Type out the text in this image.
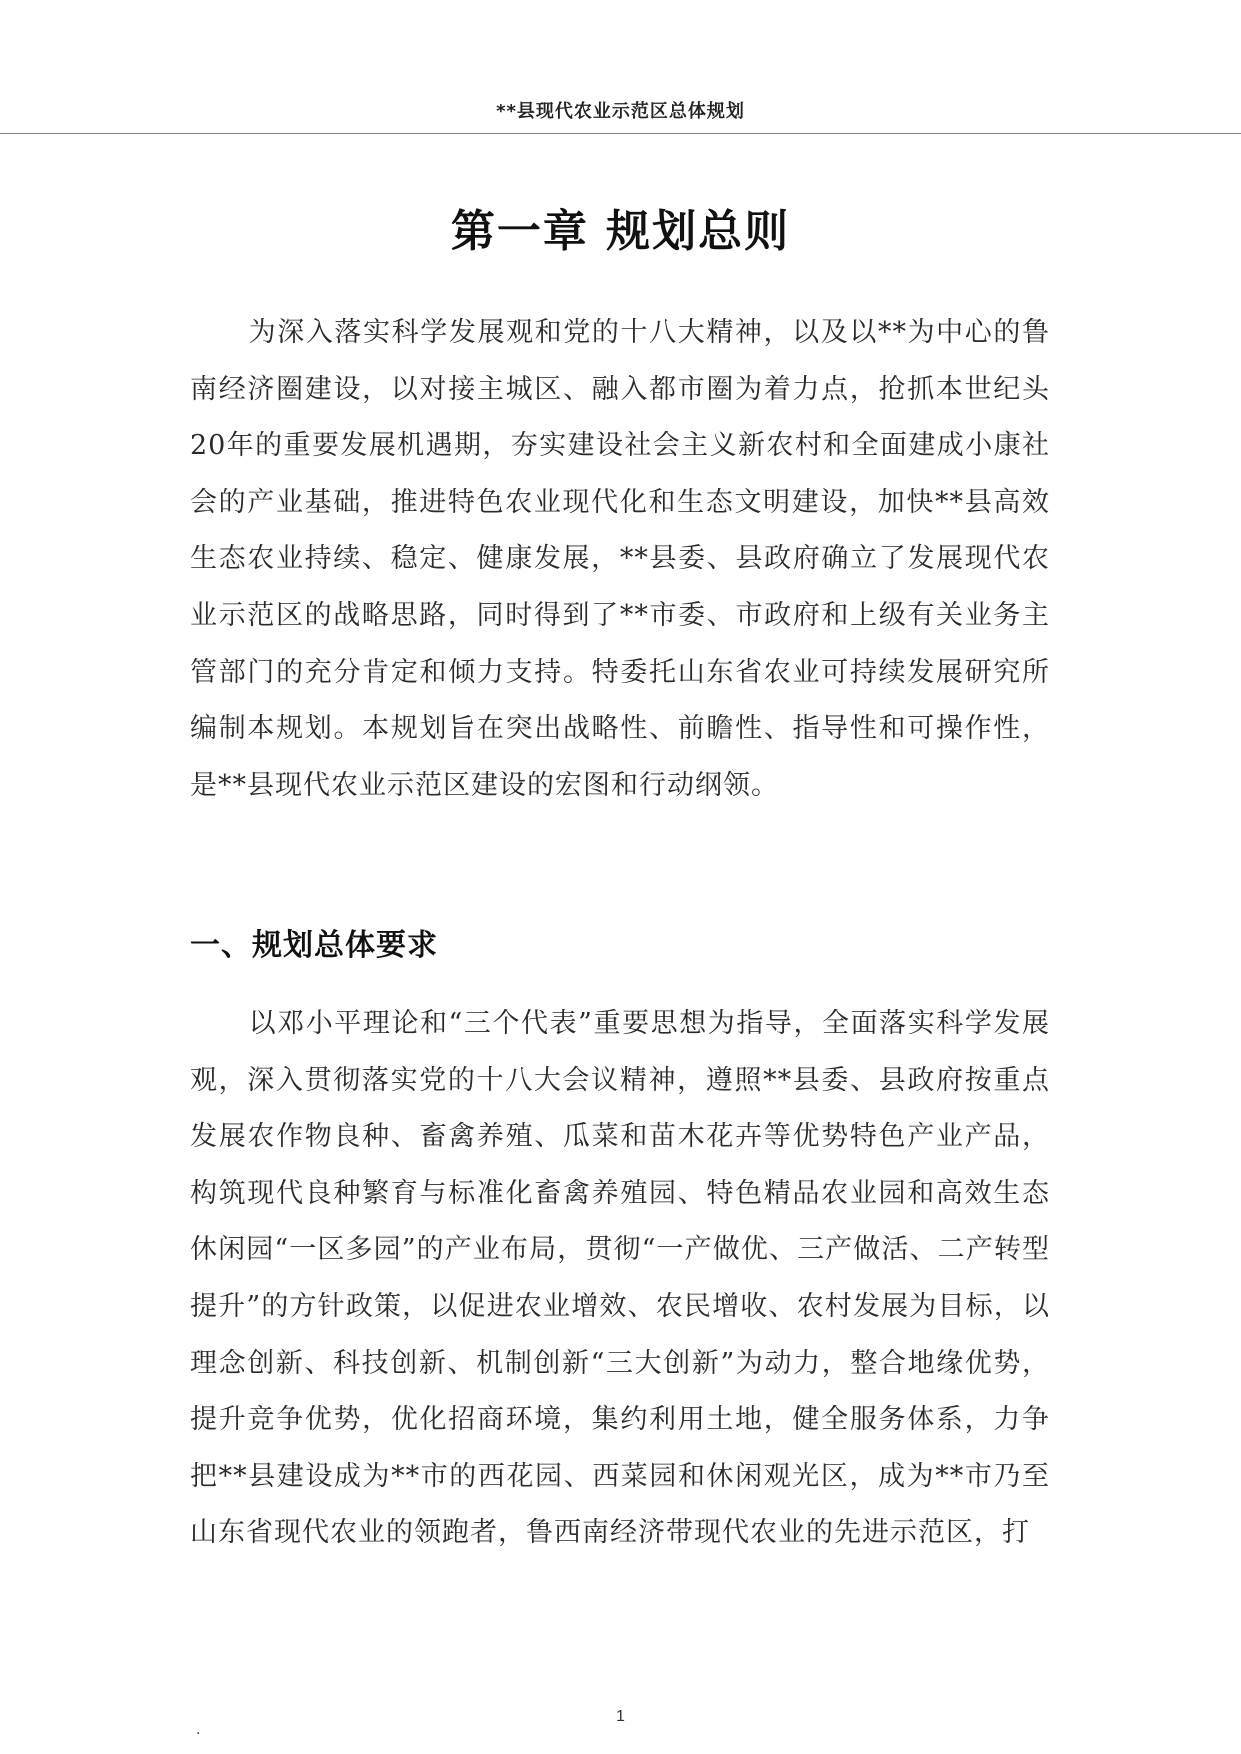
**县现代农业示范区总体规划
第一章 规划总则

为深入落实科学发展观和党的十八大精神，以及以**为中心的鲁南经济圈建设，以对接主城区、融入都市圈为着力点，抢抓本世纪头20年的重要发展机遇期，夯实建设社会主义新农村和全面建成小康社会的产业基础，推进特色农业现代化和生态文明建设，加快**县高效生态农业持续、稳定、健康发展，**县委、县政府确立了发展现代农业示范区的战略思路，同时得到了**市委、市政府和上级有关业务主管部门的充分肯定和倾力支持。特委托山东省农业可持续发展研究所编制本规划。本规划旨在突出战略性、前瞻性、指导性和可操作性，是**县现代农业示范区建设的宏图和行动纲领。

一、规划总体要求

以邓小平理论和“三个代表”重要思想为指导，全面落实科学发展观，深入贯彻落实党的十八大会议精神，遵照**县委、县政府按重点发展农作物良种、畜禽养殖、瓜菜和苗木花卉等优势特色产业产品，构筑现代良种繁育与标准化畜禽养殖园、特色精品农业园和高效生态休闲园“一区多园”的产业布局，贯彻“一产做优、三产做活、二产转型提升”的方针政策，以促进农业增效、农民增收、农村发展为目标，以理念创新、科技创新、机制创新“三大创新”为动力，整合地缘优势，提升竞争优势，优化招商环境，集约利用土地，健全服务体系，力争把**县建设成为**市的西花园、西菜园和休闲观光区，成为**市乃至山东省现代农业的领跑者，鲁西南经济带现代农业的先进示范区，打

.
1
